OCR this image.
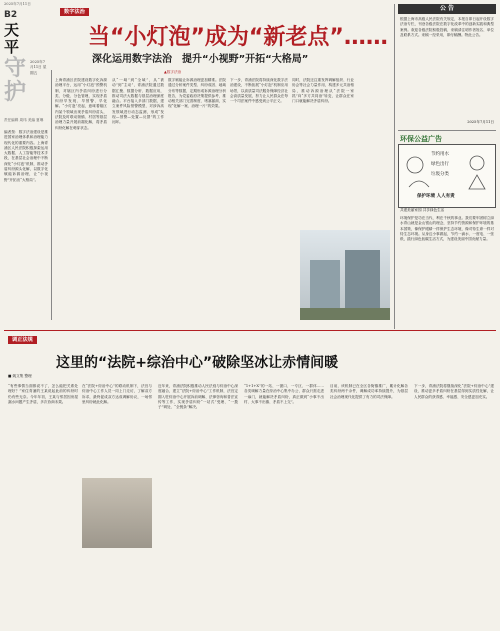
2025年7月11日
B2
天
平
守
护
2025年7月11日 星期五
责任编辑 周玮 美编 夏琳
数字法治
当“小灯泡”成为“新老点”……
深化运用数字法治　提升“小视野”开拓“大格局”
编者按：数字法治建设是推进国家治理体系和治理能力现代化的重要内容。上海青浦区人民法院积极探索运用大数据、人工智能等技术手段，在基层社会治理中不断深化“小灯泡”机制，推动矛盾纠纷源头化解，以数字化赋能诉源治理，让“小视野”开拓出“大格局”。
▲数字法治
上海青浦区法院建设数字化诉源治理平台，运用“小灯泡”预警机制，对辖区内矛盾纠纷进行分类、分级、分色管理，实现矛盾纠纷早发现、早预警、早化解。“小灯泡”亮起，意味着辖区内某个领域出现矛盾纠纷苗头，法院及时联动街镇、村居等基层治理力量开展前端化解，将矛盾纠纷化解在萌芽状态。
从“一域”到“全域”，从“被动”到“主动”，青浦法院通过数据汇聚、数据分析、数据应用，推动司法大数据与基层治理深度融合。平台接入多部门数据，建立案件风险预警模型，对涉诉高发领域进行动态监测，形成“发现—预警—处置—反馈”的工作闭环。
数字赋能让诉源治理更加精准。法院通过分析案件类型、纠纷成因、地域分布等数据，定期形成诉源治理分析报告，为党委政府决策提供参考，推动相关部门完善制度、堵塞漏洞，实现“化解一案、治理一片”的效果。
下一步，青浦法院将持续深化数字法治建设，不断拓展“小灯泡”机制应用场景，以高质量司法服务保障经济社会高质量发展，努力让人民群众在每一个司法案件中感受到公平正义。
同时，法院还注重发挥调解组织、行业协会等社会力量作用，构建多元共治格局，推动诉源治理从“法院一家抓”向“多方共同治”转变，让群众在家门口就能解决矛盾纠纷。
公 告
根据上海市高级人民法院有关规定，本报自即日起开设数字法治专栏，刊登各级法院在数字化改革中的创新实践和典型案例。欢迎各级法院积极投稿，来稿请注明作者姓名、单位及联系方式。来稿一经采用，即付稿酬。特此公告。
2025年7月11日
环保公益广告
节约用水
绿色出行
垃圾分类
保护环境 人人有责
共建美丽家园 共享绿色生活
环境保护是功在当代、利在千秋的事业。我们要牢固树立绿水青山就是金山银山的理念，坚持节约资源和保护环境的基本国策，像保护眼睛一样保护生态环境，像对待生命一样对待生态环境。从身边小事做起，节约一滴水、一度电、一张纸，践行绿色低碳生活方式，为建设美丽中国贡献力量。
调正法规
这里的“法院+综治中心”破除坚冰让赤情间暖
■ 姚文集 整理
“有些事情当面都说不了，怎么能把关系处理好？”家住青浦的王某说起此前的纠纷时仍有些无奈。今年年初，王某与邻居因房屋漏水问题产生矛盾，多次协商未果。
在“法院+综治中心”的联动机制下，法官与综治中心工作人员一同上门走访，了解双方诉求，最终促成双方达成调解协议，一场邻里纠纷就此化解。
近年来，青浦法院积极推动人民法庭与综治中心深度融合，建立“法院+综治中心”工作机制，法官定期入驻综治中心开展诉前调解、法律咨询和普法宣传等工作，实现矛盾纠纷“一站式”受理、“一揽子”调处、“全链条”解决。
“1+1+X”的一站、一窗口、一专区、一群体……各类调解力量在综治中心集中办公，群众只需走进一扇门，就能解决矛盾纠纷，真正做到“小事不出村、大事不出镇、矛盾不上交”。
目前，该机制已在全区各街镇推广，累计化解各类纠纷两千余件，调解成功率持续提升，为基层社会治理现代化提供了有力的司法保障。
下一步，青浦法院将继续深化“法院+综治中心”建设，推动更多矛盾纠纷在基层得到实质性化解，让人民群众的获得感、幸福感、安全感更加充实。
